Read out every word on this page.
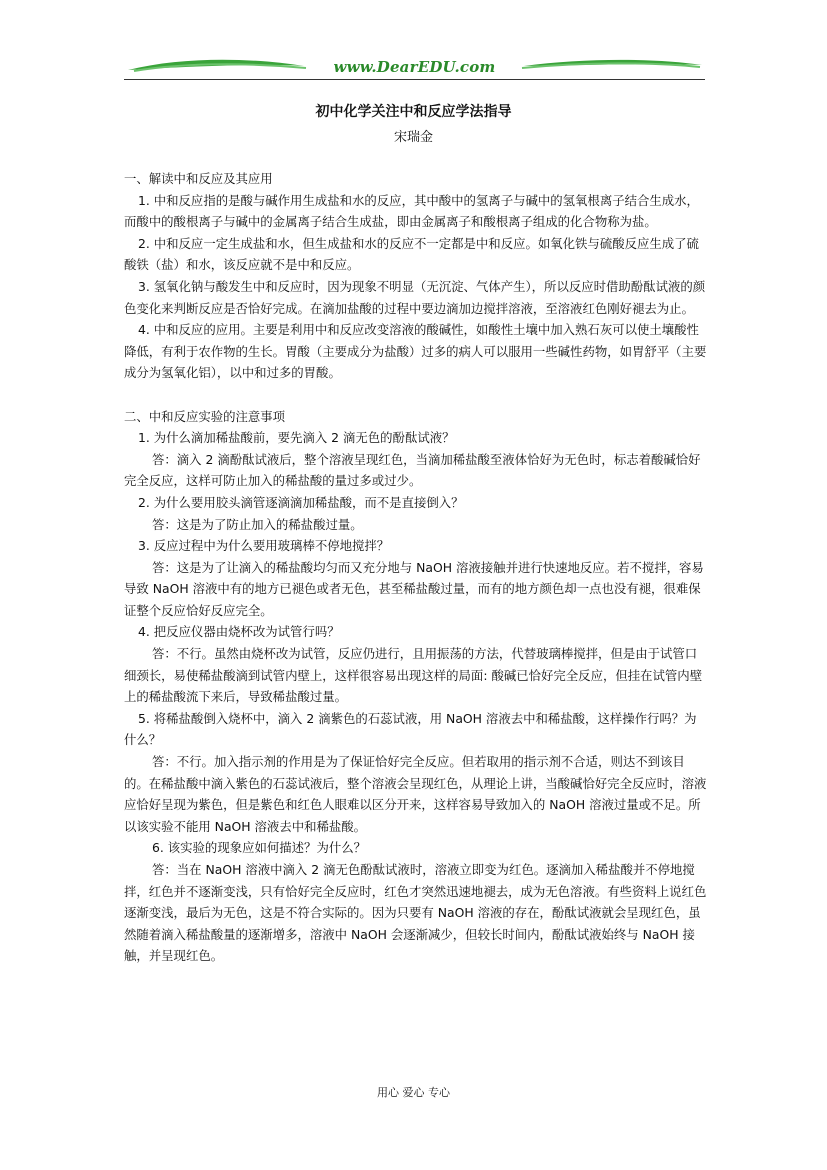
www.DearEDU.com
初中化学关注中和反应学法指导
宋瑞金

一、解读中和反应及其应用

1. 中和反应指的是酸与碱作用生成盐和水的反应，其中酸中的氢离子与碱中的氢氧根离子结合生成水，而酸中的酸根离子与碱中的金属离子结合生成盐，即由金属离子和酸根离子组成的化合物称为盐。

2. 中和反应一定生成盐和水，但生成盐和水的反应不一定都是中和反应。如氧化铁与硫酸反应生成了硫酸铁（盐）和水，该反应就不是中和反应。

3. 氢氧化钠与酸发生中和反应时，因为现象不明显（无沉淀、气体产生），所以反应时借助酚酞试液的颜色变化来判断反应是否恰好完成。在滴加盐酸的过程中要边滴加边搅拌溶液，至溶液红色刚好褪去为止。

4. 中和反应的应用。主要是利用中和反应改变溶液的酸碱性，如酸性土壤中加入熟石灰可以使土壤酸性降低，有利于农作物的生长。胃酸（主要成分为盐酸）过多的病人可以服用一些碱性药物，如胃舒平（主要成分为氢氧化铝），以中和过多的胃酸。

二、中和反应实验的注意事项

1. 为什么滴加稀盐酸前，要先滴入 2 滴无色的酚酞试液？

答：滴入 2 滴酚酞试液后，整个溶液呈现红色，当滴加稀盐酸至液体恰好为无色时，标志着酸碱恰好完全反应，这样可防止加入的稀盐酸的量过多或过少。

2. 为什么要用胶头滴管逐滴滴加稀盐酸，而不是直接倒入？

答：这是为了防止加入的稀盐酸过量。

3. 反应过程中为什么要用玻璃棒不停地搅拌？

答：这是为了让滴入的稀盐酸均匀而又充分地与 NaOH 溶液接触并进行快速地反应。若不搅拌，容易导致 NaOH 溶液中有的地方已褪色或者无色，甚至稀盐酸过量，而有的地方颜色却一点也没有褪，很难保证整个反应恰好反应完全。

4. 把反应仪器由烧杯改为试管行吗？

答：不行。虽然由烧杯改为试管，反应仍进行，且用振荡的方法，代替玻璃棒搅拌，但是由于试管口细颈长，易使稀盐酸滴到试管内壁上，这样很容易出现这样的局面: 酸碱已恰好完全反应，但挂在试管内壁上的稀盐酸流下来后，导致稀盐酸过量。

5. 将稀盐酸倒入烧杯中，滴入 2 滴紫色的石蕊试液，用 NaOH 溶液去中和稀盐酸，这样操作行吗？为什么？

答：不行。加入指示剂的作用是为了保证恰好完全反应。但若取用的指示剂不合适，则达不到该目的。在稀盐酸中滴入紫色的石蕊试液后，整个溶液会呈现红色，从理论上讲，当酸碱恰好完全反应时，溶液应恰好呈现为紫色，但是紫色和红色人眼难以区分开来，这样容易导致加入的 NaOH 溶液过量或不足。所以该实验不能用 NaOH 溶液去中和稀盐酸。

6. 该实验的现象应如何描述？为什么？

答：当在 NaOH 溶液中滴入 2 滴无色酚酞试液时，溶液立即变为红色。逐滴加入稀盐酸并不停地搅拌，红色并不逐渐变浅，只有恰好完全反应时，红色才突然迅速地褪去，成为无色溶液。有些资料上说红色逐渐变浅，最后为无色，这是不符合实际的。因为只要有 NaOH 溶液的存在，酚酞试液就会呈现红色，虽然随着滴入稀盐酸量的逐渐增多，溶液中 NaOH 会逐渐减少，但较长时间内，酚酞试液始终与 NaOH 接触，并呈现红色。

用心 爱心 专心
